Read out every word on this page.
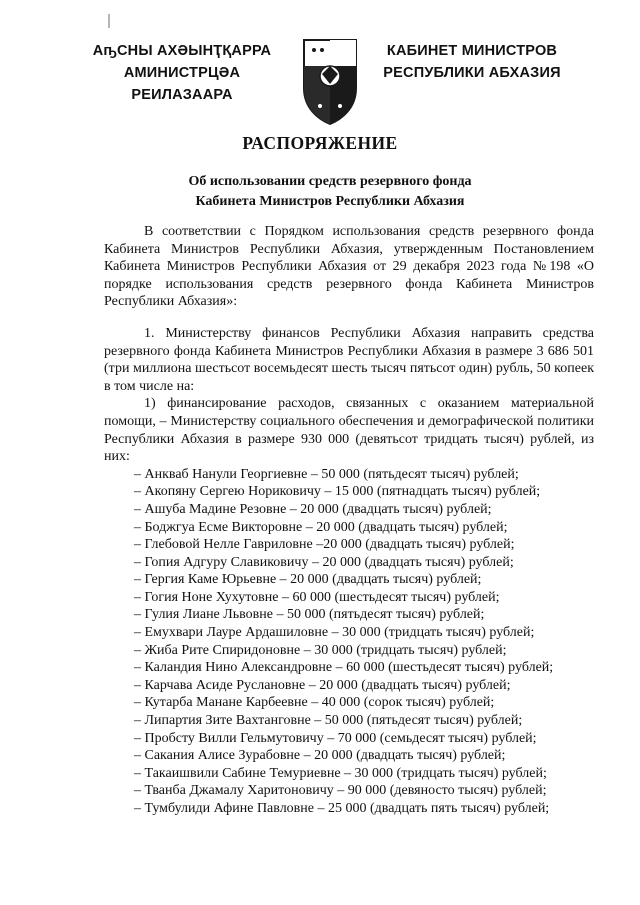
АҧСНЫ АХӘЫНҬҚАРРА
АМИНИСТРЦӘА РЕИЛАЗААРА
КАБИНЕТ МИНИСТРОВ
РЕСПУБЛИКИ АБХАЗИЯ
РАСПОРЯЖЕНИЕ
Об использовании средств резервного фонда
Кабинета Министров Республики Абхазия

В соответствии с Порядком использования средств резервного фонда Кабинета Министров Республики Абхазия, утвержденным Постановлением Кабинета Министров Республики Абхазия от 29 декабря 2023 года №198 «О порядке использования средств резервного фонда Кабинета Министров Республики Абхазия»:

1. Министерству финансов Республики Абхазия направить средства резервного фонда Кабинета Министров Республики Абхазия в размере 3 686 501 (три миллиона шестьсот восемьдесят шесть тысяч пятьсот один) рубль, 50 копеек в том числе на:

1) финансирование расходов, связанных с оказанием материальной помощи, – Министерству социального обеспечения и демографической политики Республики Абхазия в размере 930 000 (девятьсот тридцать тысяч) рублей, из них:

– Анкваб Нанули Георгиевне – 50 000 (пятьдесят тысяч) рублей;

– Акопяну Сергею Нориковичу – 15 000 (пятнадцать тысяч) рублей;

– Ашуба Мадине Резовне – 20 000 (двадцать тысяч) рублей;

– Боджгуа Есме Викторовне – 20 000 (двадцать тысяч) рублей;

– Глебовой Нелле Гавриловне –20 000 (двадцать тысяч) рублей;

– Гопия Адгуру Славиковичу – 20 000 (двадцать тысяч) рублей;

– Гергия Каме Юрьевне – 20 000 (двадцать тысяч) рублей;

– Гогия Ноне Хухутовне – 60 000 (шестьдесят тысяч) рублей;

– Гулия Лиане Львовне – 50 000 (пятьдесят тысяч) рублей;

– Емухвари Лауре Ардашиловне – 30 000 (тридцать тысяч) рублей;

– Жиба Рите Спиридоновне – 30 000 (тридцать тысяч) рублей;

– Каландия Нино Александровне – 60 000 (шестьдесят тысяч) рублей;

– Карчава Асиде Руслановне – 20 000 (двадцать тысяч) рублей;

– Кутарба Манане Карбеевне – 40 000 (сорок тысяч) рублей;

– Липартия Зите Вахтанговне – 50 000 (пятьдесят тысяч) рублей;

– Пробсту Вилли Гельмутовичу – 70 000 (семьдесят тысяч) рублей;

– Сакания Алисе Зурабовне – 20 000 (двадцать тысяч) рублей;

– Такаишвили Сабине Темуриевне – 30 000 (тридцать тысяч) рублей;

– Тванба Джамалу Харитоновичу – 90 000 (девяносто тысяч) рублей;

– Тумбулиди Афине Павловне – 25 000 (двадцать пять тысяч) рублей;
